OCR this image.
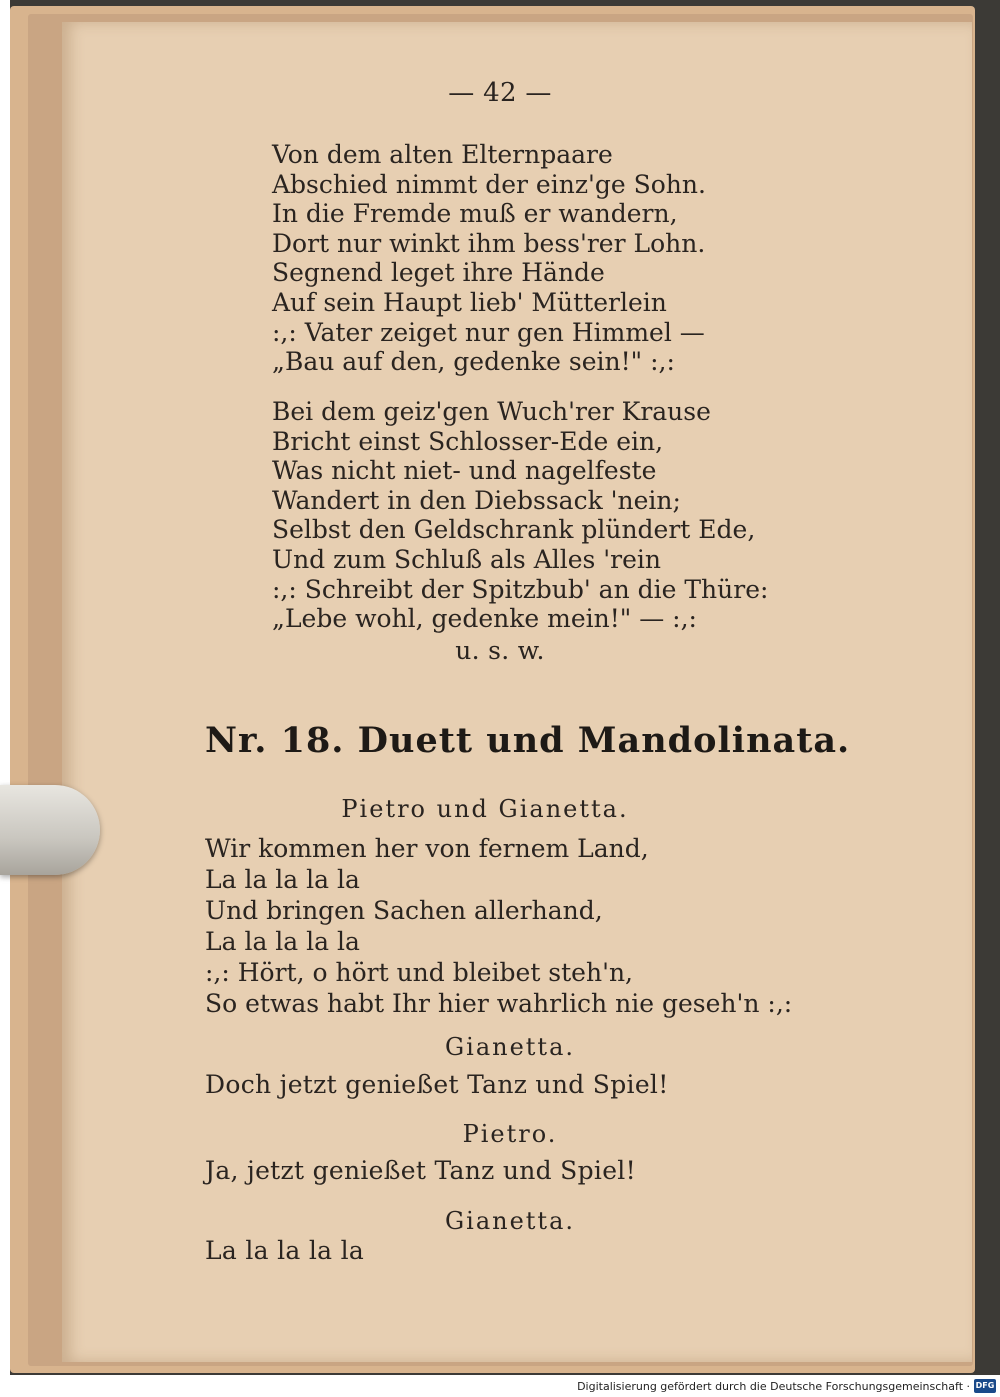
— 42 —
Von dem alten Elternpaare
Abschied nimmt der einz'ge Sohn.
In die Fremde muß er wandern,
Dort nur winkt ihm bess'rer Lohn.
Segnend leget ihre Hände
Auf sein Haupt lieb' Mütterlein
:,: Vater zeiget nur gen Himmel —
„Bau auf den, gedenke sein!" :,:
Bei dem geiz'gen Wuch'rer Krause
Bricht einst Schlosser-Ede ein,
Was nicht niet- und nagelfeste
Wandert in den Diebssack 'nein;
Selbst den Geldschrank plündert Ede,
Und zum Schluß als Alles 'rein
:,: Schreibt der Spitzbub' an die Thüre:
„Lebe wohl, gedenke mein!" — :,:
u. s. w.
Nr. 18. Duett und Mandolinata.
Pietro und Gianetta.
Wir kommen her von fernem Land,
La la la la la
Und bringen Sachen allerhand,
La la la la la
:,: Hört, o hört und bleibet steh'n,
So etwas habt Ihr hier wahrlich nie geseh'n :,:
Gianetta.
Doch jetzt genießet Tanz und Spiel!
Pietro.
Ja, jetzt genießet Tanz und Spiel!
Gianetta.
La la la la la
Digitalisierung gefördert durch die Deutsche Forschungsgemeinschaft · DFG
